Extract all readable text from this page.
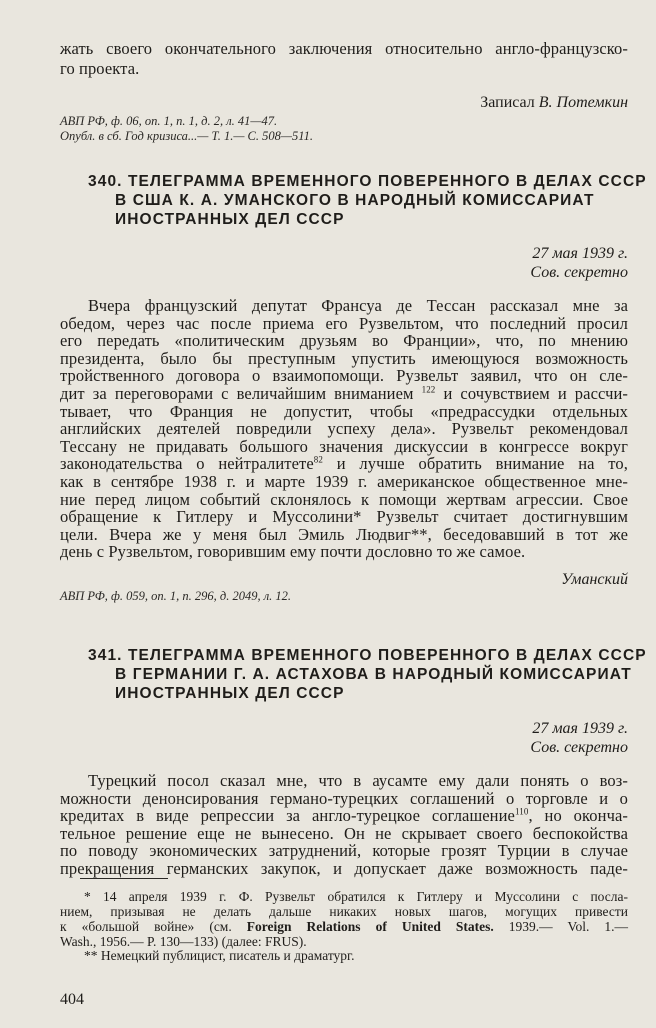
жать своего окончательного заключения относительно англо-французско-
го проекта.
Записал В. Потемкин
АВП РФ, ф. 06, оп. 1, п. 1, д. 2, л. 41—47.
Опубл. в сб. Год кризиса...— Т. 1.— С. 508—511.
340. ТЕЛЕГРАММА ВРЕМЕННОГО ПОВЕРЕННОГО В ДЕЛАХ СССР
В США К. А. УМАНСКОГО В НАРОДНЫЙ КОМИССАРИАТ
ИНОСТРАННЫХ ДЕЛ СССР
27 мая 1939 г.
Сов. секретно
Вчера французский депутат Франсуа де Тессан рассказал мне за
обедом, через час после приема его Рузвельтом, что последний просил
его передать «политическим друзьям во Франции», что, по мнению
президента, было бы преступным упустить имеющуюся возможность
тройственного договора о взаимопомощи. Рузвельт заявил, что он сле-
дит за переговорами с величайшим вниманием $^{122}$ и сочувствием и рассчи-
тывает, что Франция не допустит, чтобы «предрассудки отдельных
английских деятелей повредили успеху дела». Рузвельт рекомендовал
Тессану не придавать большого значения дискуссии в конгрессе вокруг
законодательства о нейтралитете$^{82}$ и лучше обратить внимание на то,
как в сентябре 1938 г. и марте 1939 г. американское общественное мне-
ние перед лицом событий склонялось к помощи жертвам агрессии. Свое
обращение к Гитлеру и Муссолини* Рузвельт считает достигнувшим
цели. Вчера же у меня был Эмиль Людвиг**, беседовавший в тот же
день с Рузвельтом, говорившим ему почти дословно то же самое.
Уманский
АВП РФ, ф. 059, оп. 1, п. 296, д. 2049, л. 12.
341. ТЕЛЕГРАММА ВРЕМЕННОГО ПОВЕРЕННОГО В ДЕЛАХ СССР
В ГЕРМАНИИ Г. А. АСТАХОВА В НАРОДНЫЙ КОМИССАРИАТ
ИНОСТРАННЫХ ДЕЛ СССР
27 мая 1939 г.
Сов. секретно
Турецкий посол сказал мне, что в аусамте ему дали понять о воз-
можности денонсирования германо-турецких соглашений о торговле и о
кредитах в виде репрессии за англо-турецкое соглашение$^{110}$, но оконча-
тельное решение еще не вынесено. Он не скрывает своего беспокойства
по поводу экономических затруднений, которые грозят Турции в случае
прекращения германских закупок, и допускает даже возможность паде-
* 14 апреля 1939 г. Ф. Рузвельт обратился к Гитлеру и Муссолини с посла-
нием, призывая не делать дальше никаких новых шагов, могущих привести
к «большой войне» (см. Foreign Relations of United States. 1939.— Vol. 1.—
Wash., 1956.— P. 130—133) (далее: FRUS).
** Немецкий публицист, писатель и драматург.
404
